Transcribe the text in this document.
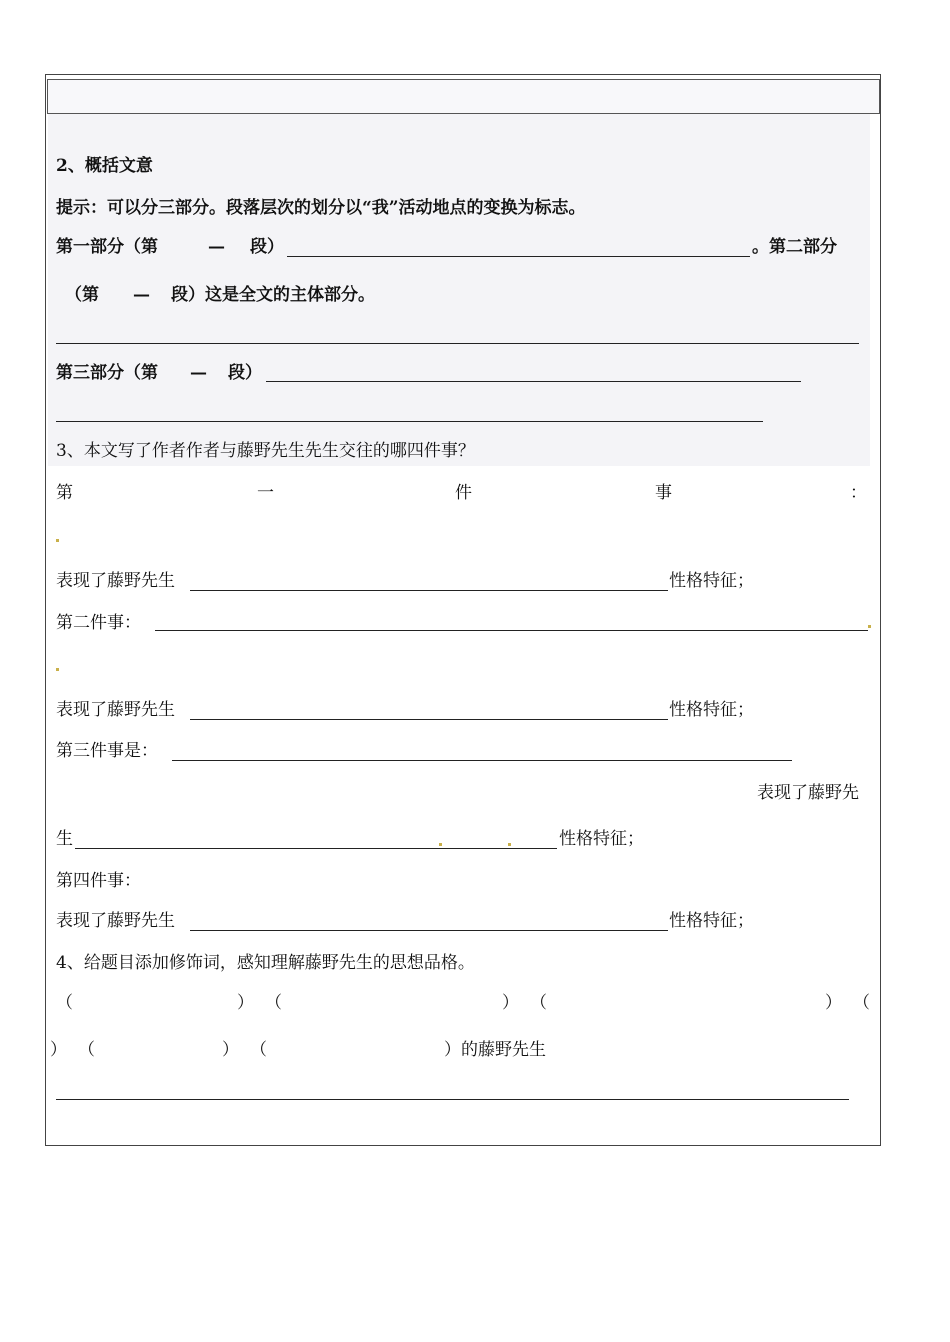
2、概括文意
提示：可以分三部分。段落层次的划分以“我”活动地点的变换为标志。
第一部分（第	— 段）	。第二部分
（第 — 段）这是全文的主体部分。
第三部分（第 — 段）
3、本文写了作者作者与藤野先生先生交往的哪四件事？
第	一	件	事	：
表现了藤野先生	性格特征；
第二件事：
表现了藤野先生	性格特征；
第三件事是：
表现了藤野先
生	性格特征；
第四件事：
表现了藤野先生	性格特征；
4、给题目添加修饰词，感知理解藤野先生的思想品格。
（	） （	） （	） （
） （	） （	）的藤野先生
